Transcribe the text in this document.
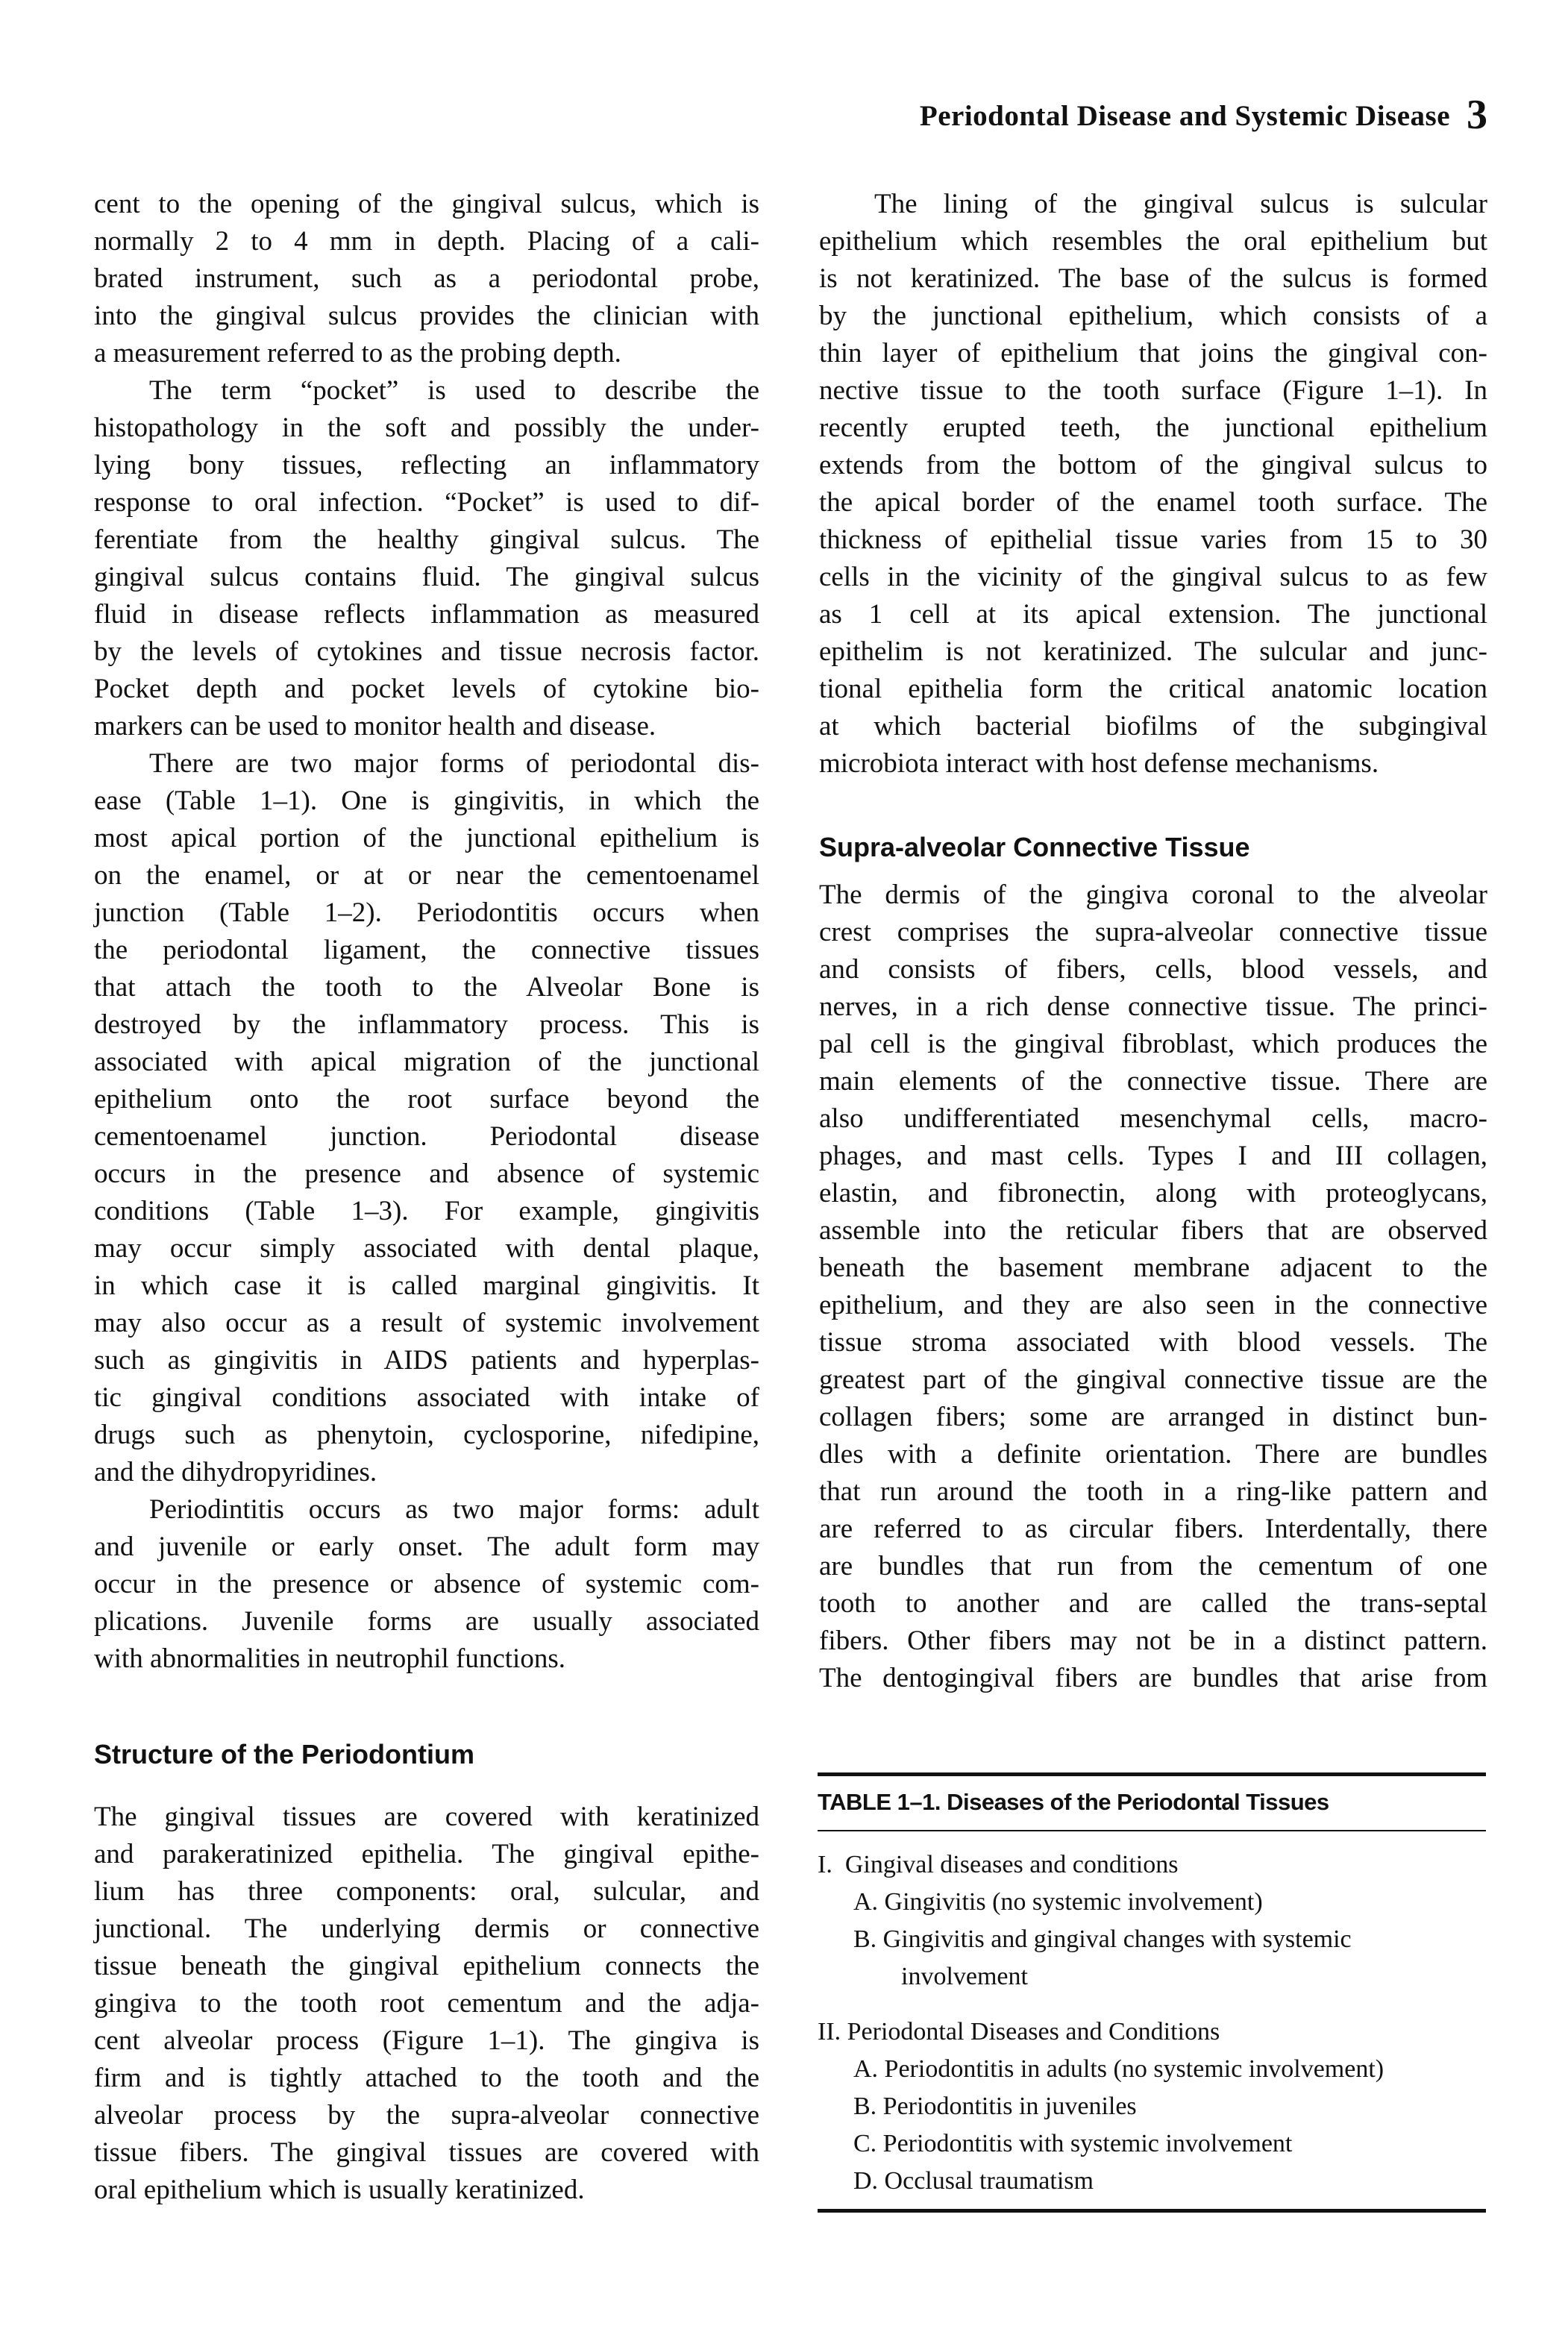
Periodontal Disease and Systemic Disease 3
cent to the opening of the gingival sulcus, which is
normally 2 to 4 mm in depth. Placing of a cali-
brated instrument, such as a periodontal probe,
into the gingival sulcus provides the clinician with
a measurement referred to as the probing depth.
The term “pocket” is used to describe the
histopathology in the soft and possibly the under-
lying bony tissues, reflecting an inflammatory
response to oral infection. “Pocket” is used to dif-
ferentiate from the healthy gingival sulcus. The
gingival sulcus contains fluid. The gingival sulcus
fluid in disease reflects inflammation as measured
by the levels of cytokines and tissue necrosis factor.
Pocket depth and pocket levels of cytokine bio-
markers can be used to monitor health and disease.
There are two major forms of periodontal dis-
ease (Table 1–1). One is gingivitis, in which the
most apical portion of the junctional epithelium is
on the enamel, or at or near the cementoenamel
junction (Table 1–2). Periodontitis occurs when
the periodontal ligament, the connective tissues
that attach the tooth to the Alveolar Bone is
destroyed by the inflammatory process. This is
associated with apical migration of the junctional
epithelium onto the root surface beyond the
cementoenamel junction. Periodontal disease
occurs in the presence and absence of systemic
conditions (Table 1–3). For example, gingivitis
may occur simply associated with dental plaque,
in which case it is called marginal gingivitis. It
may also occur as a result of systemic involvement
such as gingivitis in AIDS patients and hyperplas-
tic gingival conditions associated with intake of
drugs such as phenytoin, cyclosporine, nifedipine,
and the dihydropyridines.
Periodintitis occurs as two major forms: adult
and juvenile or early onset. The adult form may
occur in the presence or absence of systemic com-
plications. Juvenile forms are usually associated
with abnormalities in neutrophil functions.
Structure of the Periodontium
The gingival tissues are covered with keratinized
and parakeratinized epithelia. The gingival epithe-
lium has three components: oral, sulcular, and
junctional. The underlying dermis or connective
tissue beneath the gingival epithelium connects the
gingiva to the tooth root cementum and the adja-
cent alveolar process (Figure 1–1). The gingiva is
firm and is tightly attached to the tooth and the
alveolar process by the supra-alveolar connective
tissue fibers. The gingival tissues are covered with
oral epithelium which is usually keratinized.
The lining of the gingival sulcus is sulcular
epithelium which resembles the oral epithelium but
is not keratinized. The base of the sulcus is formed
by the junctional epithelium, which consists of a
thin layer of epithelium that joins the gingival con-
nective tissue to the tooth surface (Figure 1–1). In
recently erupted teeth, the junctional epithelium
extends from the bottom of the gingival sulcus to
the apical border of the enamel tooth surface. The
thickness of epithelial tissue varies from 15 to 30
cells in the vicinity of the gingival sulcus to as few
as 1 cell at its apical extension. The junctional
epithelim is not keratinized. The sulcular and junc-
tional epithelia form the critical anatomic location
at which bacterial biofilms of the subgingival
microbiota interact with host defense mechanisms.
Supra-alveolar Connective Tissue
The dermis of the gingiva coronal to the alveolar
crest comprises the supra-alveolar connective tissue
and consists of fibers, cells, blood vessels, and
nerves, in a rich dense connective tissue. The princi-
pal cell is the gingival fibroblast, which produces the
main elements of the connective tissue. There are
also undifferentiated mesenchymal cells, macro-
phages, and mast cells. Types I and III collagen,
elastin, and fibronectin, along with proteoglycans,
assemble into the reticular fibers that are observed
beneath the basement membrane adjacent to the
epithelium, and they are also seen in the connective
tissue stroma associated with blood vessels. The
greatest part of the gingival connective tissue are the
collagen fibers; some are arranged in distinct bun-
dles with a definite orientation. There are bundles
that run around the tooth in a ring-like pattern and
are referred to as circular fibers. Interdentally, there
are bundles that run from the cementum of one
tooth to another and are called the trans-septal
fibers. Other fibers may not be in a distinct pattern.
The dentogingival fibers are bundles that arise from
TABLE 1–1. Diseases of the Periodontal Tissues
I.  Gingival diseases and conditions
A. Gingivitis (no systemic involvement)
B. Gingivitis and gingival changes with systemic
involvement
II. Periodontal Diseases and Conditions
A. Periodontitis in adults (no systemic involvement)
B. Periodontitis in juveniles
C. Periodontitis with systemic involvement
D. Occlusal traumatism
